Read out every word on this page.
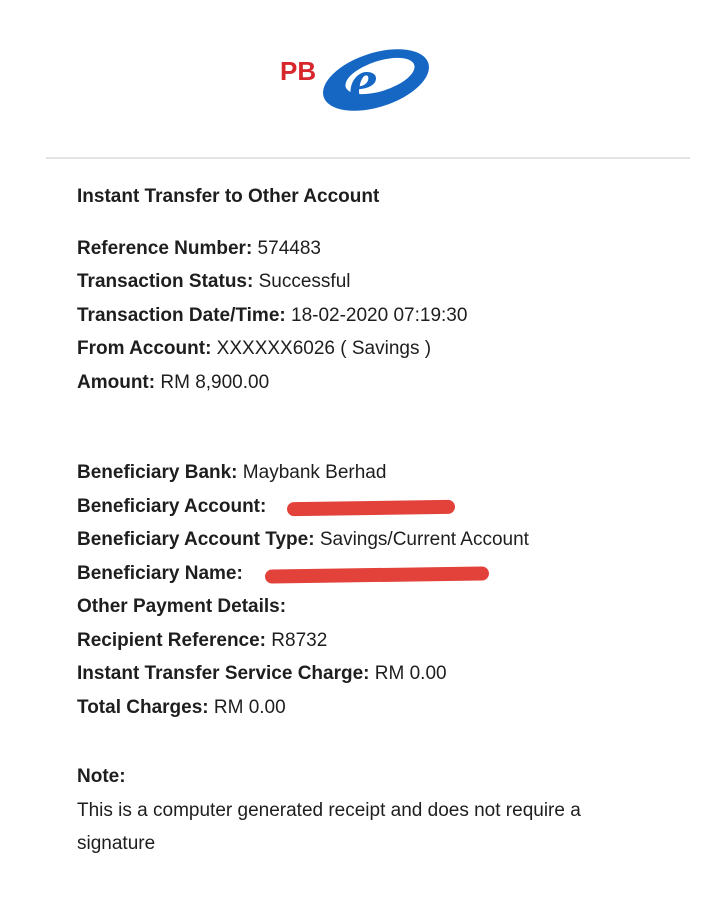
e
PB
Instant Transfer to Other Account
Reference Number: 574483
Transaction Status: Successful
Transaction Date/Time: 18-02-2020 07:19:30
From Account: XXXXXX6026 ( Savings )
Amount: RM 8,900.00
Beneficiary Bank: Maybank Berhad
Beneficiary Account:
Beneficiary Account Type: Savings/Current Account
Beneficiary Name:
Other Payment Details:
Recipient Reference: R8732
Instant Transfer Service Charge: RM 0.00
Total Charges: RM 0.00
Note:
This is a computer generated receipt and does not require a signature
